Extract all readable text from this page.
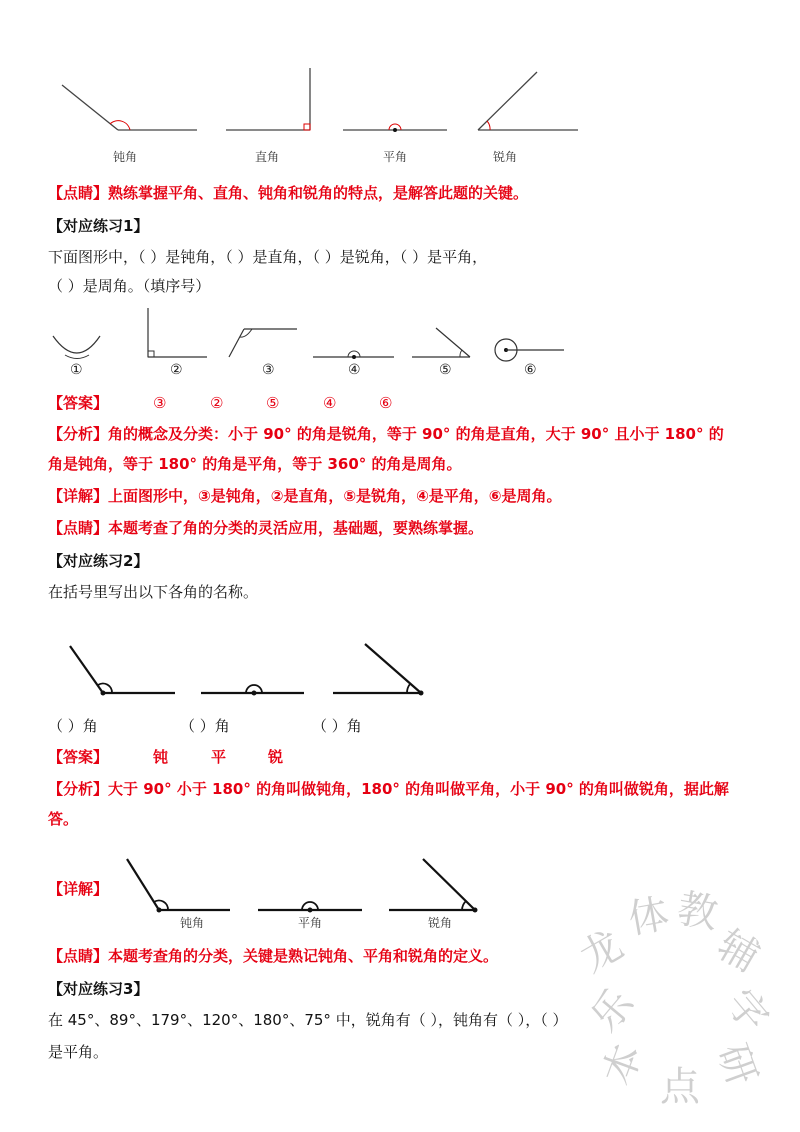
钝角	直角	平角	锐角
【点睛】熟练掌握平角、直角、钝角和锐角的特点，是解答此题的关键。
【对应练习1】
下面图形中，（ ）是钝角，（ ）是直角，（ ）是锐角，（ ）是平角，
（ ）是周角。（填序号）
①	②	③	④	⑤	⑥
【答案】	③	②	⑤	④	⑥
【分析】角的概念及分类：小于 90° 的角是锐角，等于 90° 的角是直角，大于 90° 且小于 180° 的
角是钝角，等于 180° 的角是平角，等于 360° 的角是周角。
【详解】上面图形中，③是钝角，②是直角，⑤是锐角，④是平角，⑥是周角。
【点睛】本题考查了角的分类的灵活应用，基础题，要熟练掌握。
【对应练习2】
在括号里写出以下各角的名称。
（ ）角	（ ）角	（ ）角
【答案】	钝	平	锐
【分析】大于 90° 小于 180° 的角叫做钝角，180° 的角叫做平角，小于 90° 的角叫做锐角，据此解
答。
【详解】
钝角	平角	锐角
【点睛】本题考查角的分类，关键是熟记钝角、平角和锐角的定义。
【对应练习3】
在 45°、89°、179°、120°、180°、75° 中，锐角有（ ），钝角有（ ），（ ）
是平角。
龙
体 教
辅
乐 字
本 点 研
